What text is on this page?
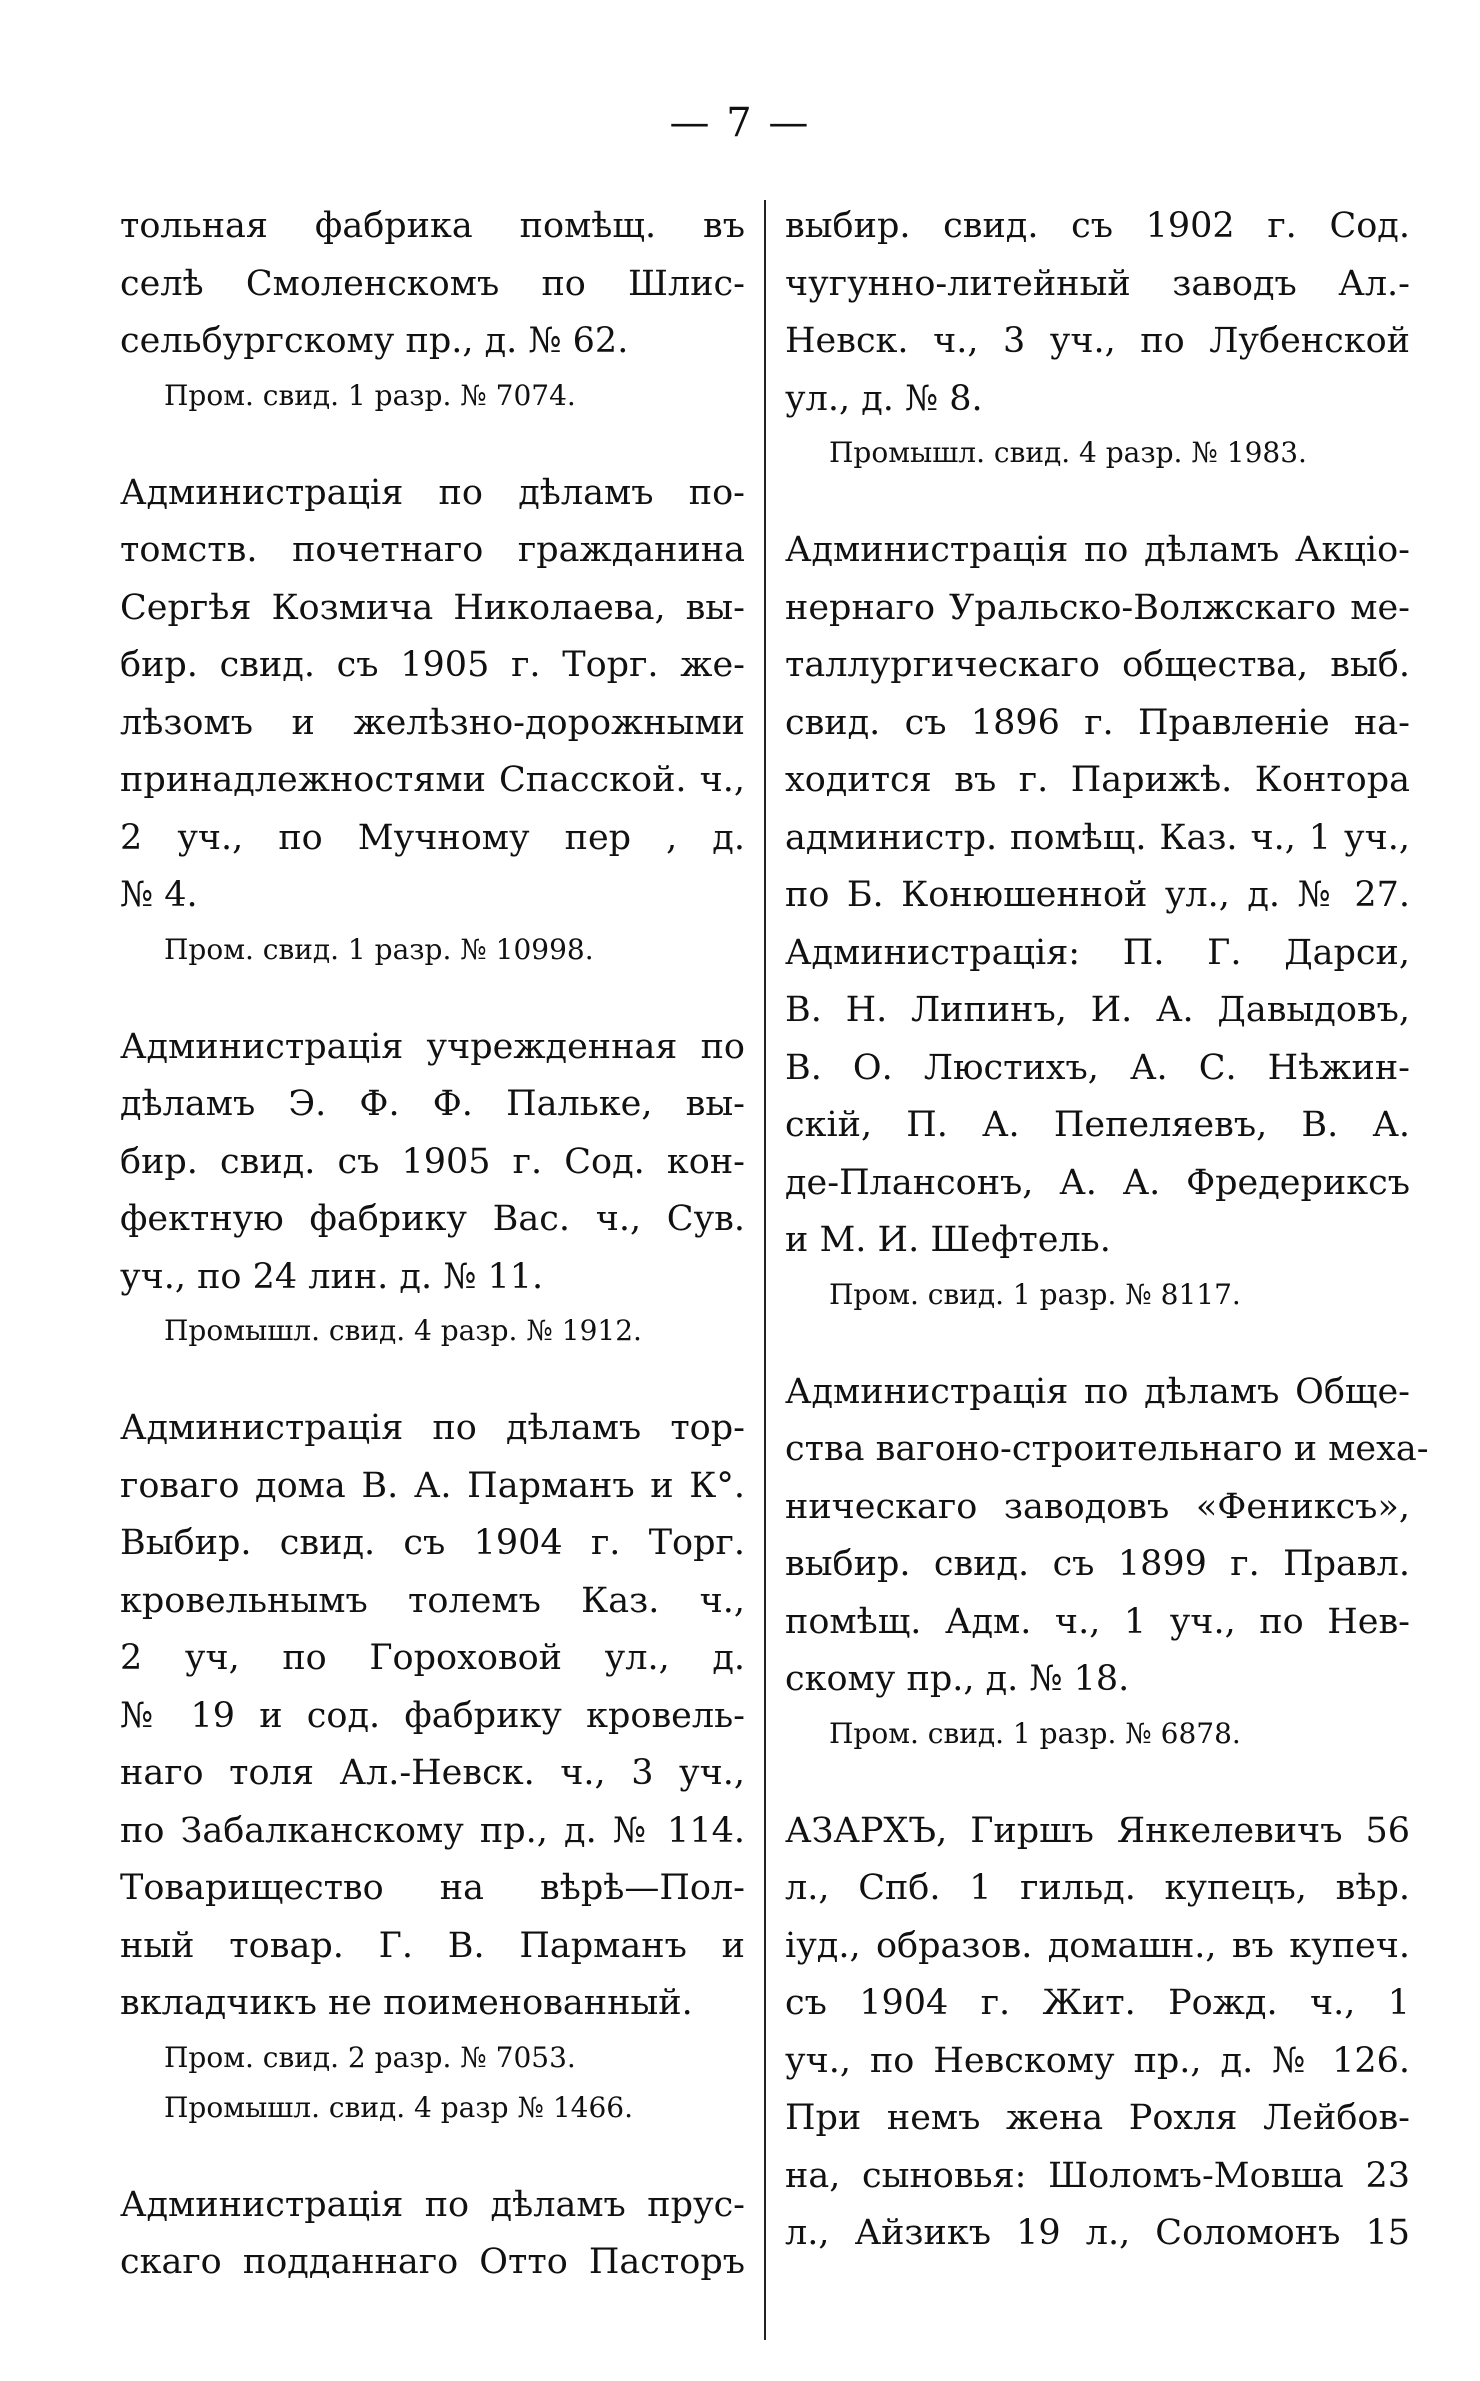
— 7 —

тольная фабрика помѣщ. въ

селѣ Смоленскомъ по Шлис-

сельбургскому пр., д. № 62.

Пром. свид. 1 разр. № 7074.

Администрація по дѣламъ по-

томств. почетнаго гражданина

Сергѣя Козмича Николаева, вы-

бир. свид. съ 1905 г. Торг. же-

лѣзомъ и желѣзно-дорожными

принадлежностями Спасской. ч.,

2 уч., по Мучному пер , д.

№ 4.

Пром. свид. 1 разр. № 10998.

Администрація учрежденная по

дѣламъ Э. Ф. Ф. Пальке, вы-

бир. свид. съ 1905 г. Сод. кон-

фектную фабрику Вас. ч., Сув.

уч., по 24 лин. д. № 11.

Промышл. свид. 4 разр. № 1912.

Администрація по дѣламъ тор-

говаго дома В. А. Парманъ и К°.

Выбир. свид. съ 1904 г. Торг.

кровельнымъ толемъ Каз. ч.,

2 уч, по Гороховой ул., д.

№ 19 и сод. фабрику кровель-

наго толя Ал.-Невск. ч., 3 уч.,

по Забалканскому пр., д. № 114.

Товарищество на вѣрѣ—Пол-

ный товар. Г. В. Парманъ и

вкладчикъ не поименованный.

Пром. свид. 2 разр. № 7053.

Промышл. свид. 4 разр № 1466.

Администрація по дѣламъ прус-

скаго подданнаго Отто Пасторъ

выбир. свид. съ 1902 г. Сод.

чугунно-литейный заводъ Ал.-

Невск. ч., 3 уч., по Лубенской

ул., д. № 8.

Промышл. свид. 4 разр. № 1983.

Администрація по дѣламъ Акціо-

нернаго Уральско-Волжскаго ме-

таллургическаго общества, выб.

свид. съ 1896 г. Правленіе на-

ходится въ г. Парижѣ. Контора

администр. помѣщ. Каз. ч., 1 уч.,

по Б. Конюшенной ул., д. № 27.

Администрація: П. Г. Дарси,

В. Н. Липинъ, И. А. Давыдовъ,

В. О. Люстихъ, А. С. Нѣжин-

скій, П. А. Пепеляевъ, В. А.

де-Плансонъ, А. А. Фредериксъ

и М. И. Шефтель.

Пром. свид. 1 разр. № 8117.

Администрація по дѣламъ Обще-

ства вагоно-строительнаго и меха-

ническаго заводовъ «Фениксъ»,

выбир. свид. съ 1899 г. Правл.

помѣщ. Адм. ч., 1 уч., по Нев-

скому пр., д. № 18.

Пром. свид. 1 разр. № 6878.

АЗАРХЪ, Гиршъ Янкелевичъ 56

л., Спб. 1 гильд. купецъ, вѣр.

іуд., образов. домашн., въ купеч.

съ 1904 г. Жит. Рожд. ч., 1

уч., по Невскому пр., д. № 126.

При немъ жена Рохля Лейбов-

на, сыновья: Шоломъ-Мовша 23

л., Айзикъ 19 л., Соломонъ 15
